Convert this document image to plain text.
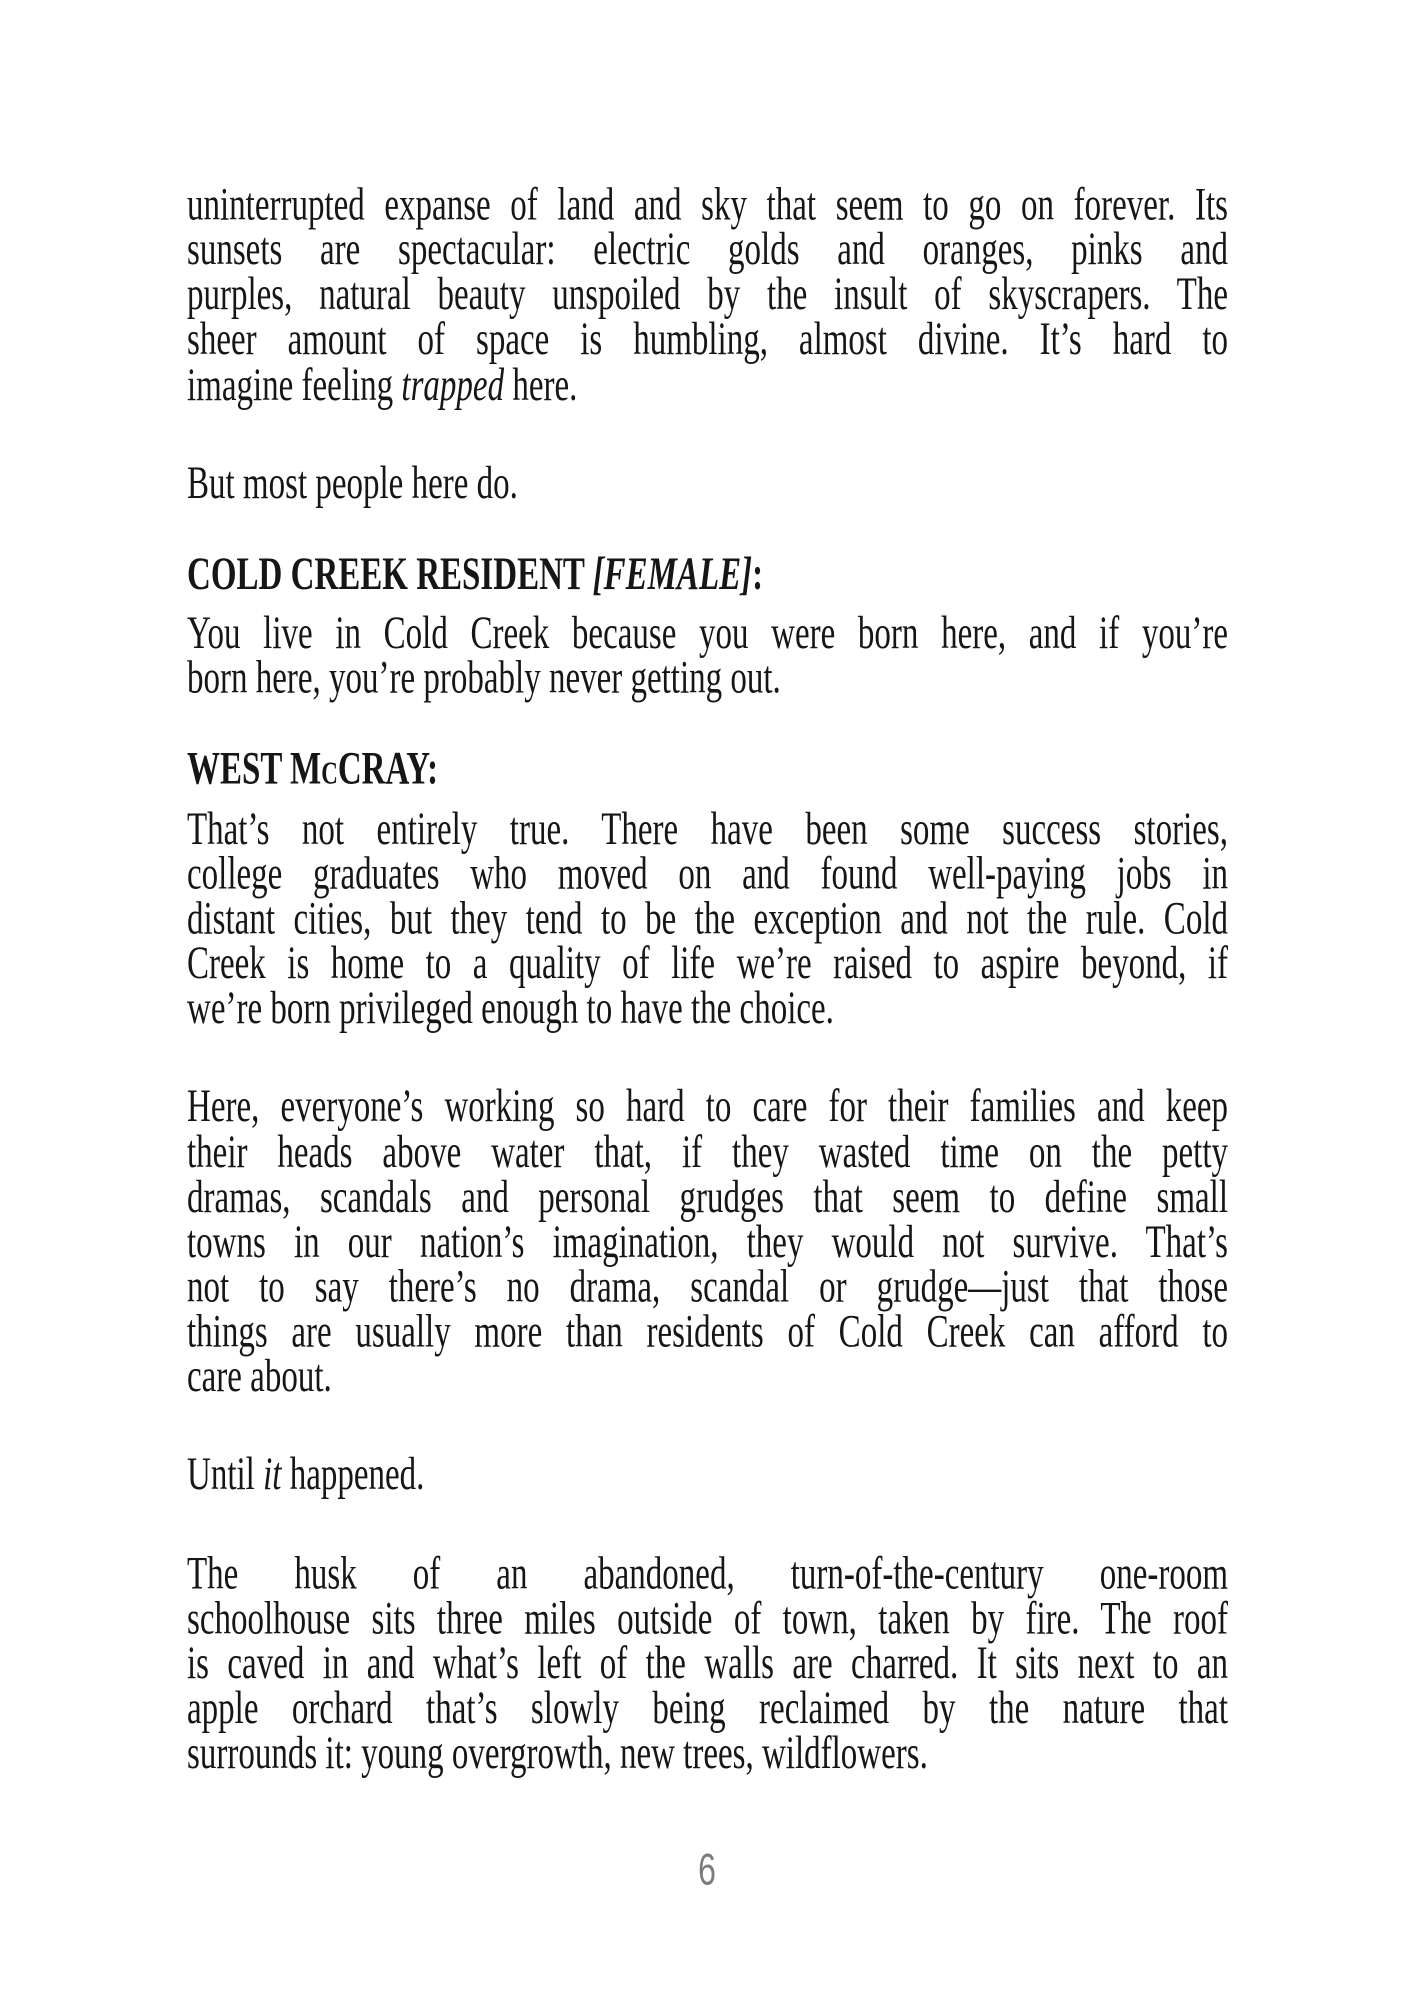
uninterrupted expanse of land and sky that seem to go on forever. Its
sunsets are spectacular: electric golds and oranges, pinks and
purples, natural beauty unspoiled by the insult of skyscrapers. The
sheer amount of space is humbling, almost divine. It’s hard to
imagine feeling trapped here.
But most people here do.
COLD CREEK RESIDENT [FEMALE]:
You live in Cold Creek because you were born here, and if you’re
born here, you’re probably never getting out.
WEST McCRAY:
That’s not entirely true. There have been some success stories,
college graduates who moved on and found well-paying jobs in
distant cities, but they tend to be the exception and not the rule. Cold
Creek is home to a quality of life we’re raised to aspire beyond, if
we’re born privileged enough to have the choice.
Here, everyone’s working so hard to care for their families and keep
their heads above water that, if they wasted time on the petty
dramas, scandals and personal grudges that seem to define small
towns in our nation’s imagination, they would not survive. That’s
not to say there’s no drama, scandal or grudge—just that those
things are usually more than residents of Cold Creek can afford to
care about.
Until it happened.
The husk of an abandoned, turn-of-the-century one-room
schoolhouse sits three miles outside of town, taken by fire. The roof
is caved in and what’s left of the walls are charred. It sits next to an
apple orchard that’s slowly being reclaimed by the nature that
surrounds it: young overgrowth, new trees, wildflowers.
6
